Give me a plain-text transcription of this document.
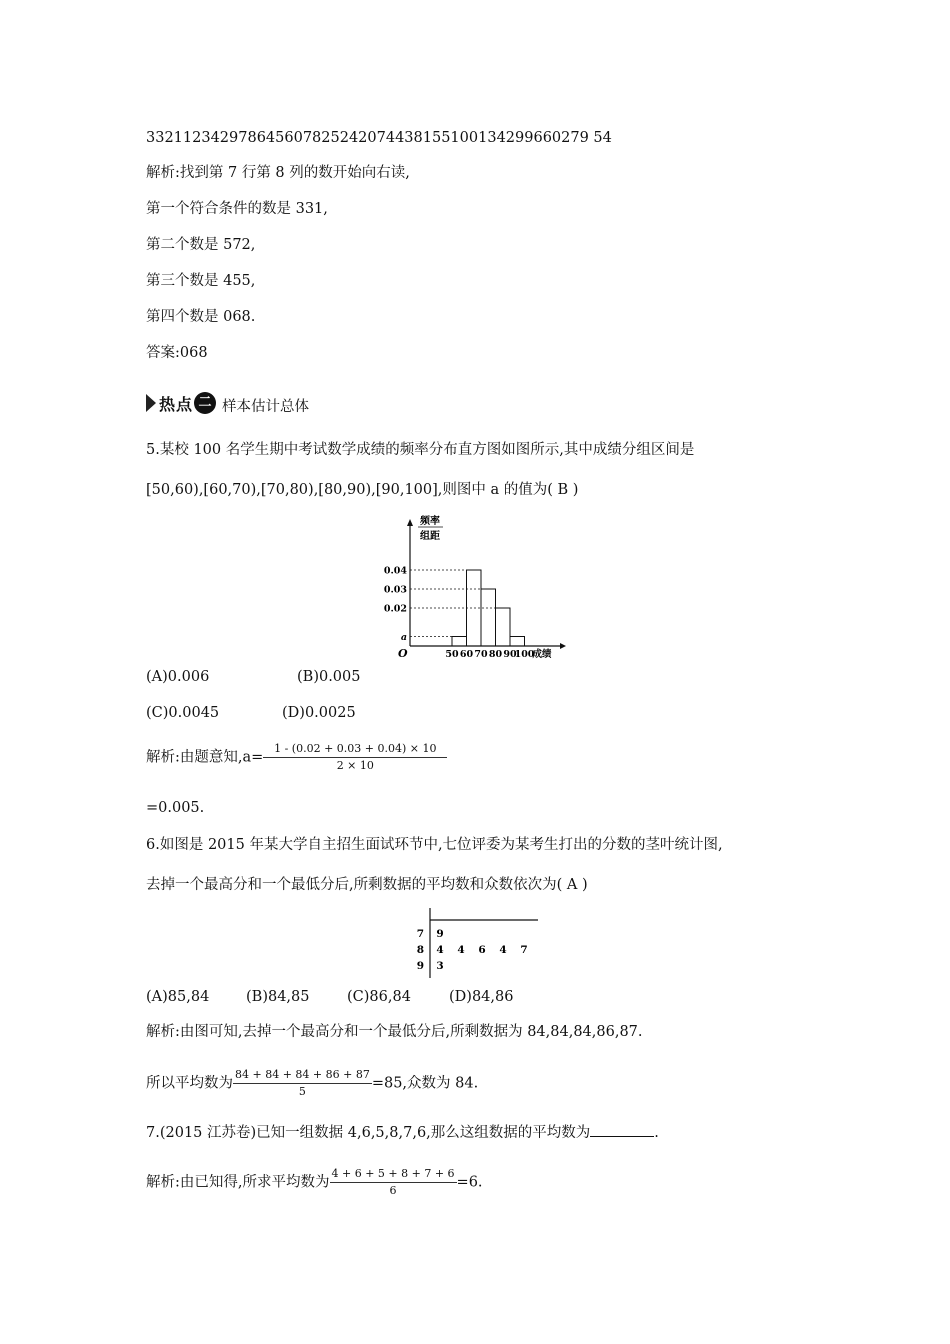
332112342978645607825242074438155100134299660279 54
解析:找到第 7 行第 8 列的数开始向右读,
第一个符合条件的数是 331,
第二个数是 572,
第三个数是 455,
第四个数是 068.
答案:068
热点 二 样本估计总体
5.某校 100 名学生期中考试数学成绩的频率分布直方图如图所示,其中成绩分组区间是
[50,60),[60,70),[70,80),[80,90),[90,100],则图中 a 的值为( B )
频率
组距
O
0.04
0.03
0.02
a
50 60 70 80 90
100
成绩
(A)0.006	(B)0.005
(C)0.0045	(D)0.0025
解析:由题意知$,a= \frac{1 - (0.02 + 0.03 + 0.04) \times 10}{2 \times 10}$
=0.005.
6.如图是 2015 年某大学自主招生面试环节中,七位评委为某考生打出的分数的茎叶统计图,
去掉一个最高分和一个最低分后,所剩数据的平均数和众数依次为( A )
7 9
8 4 4 6 4 7
9 3
(A)85,84	(B)84,85	(C)86,84	(D)84,86
解析:由图可知,去掉一个最高分和一个最低分后,所剩数据为 84,84,84,86,87.
所以平均数为 $\frac{84 + 84 + 84 + 86 + 87}{5} =85$,众数为 84.
7.(2015 江苏卷)已知一组数据 4,6,5,8,7,6,那么这组数据的平均数为	.
解析:由已知得,所求平均数为 $\frac{4 + 6 + 5 + 8 + 7 + 6}{6} =6$.
